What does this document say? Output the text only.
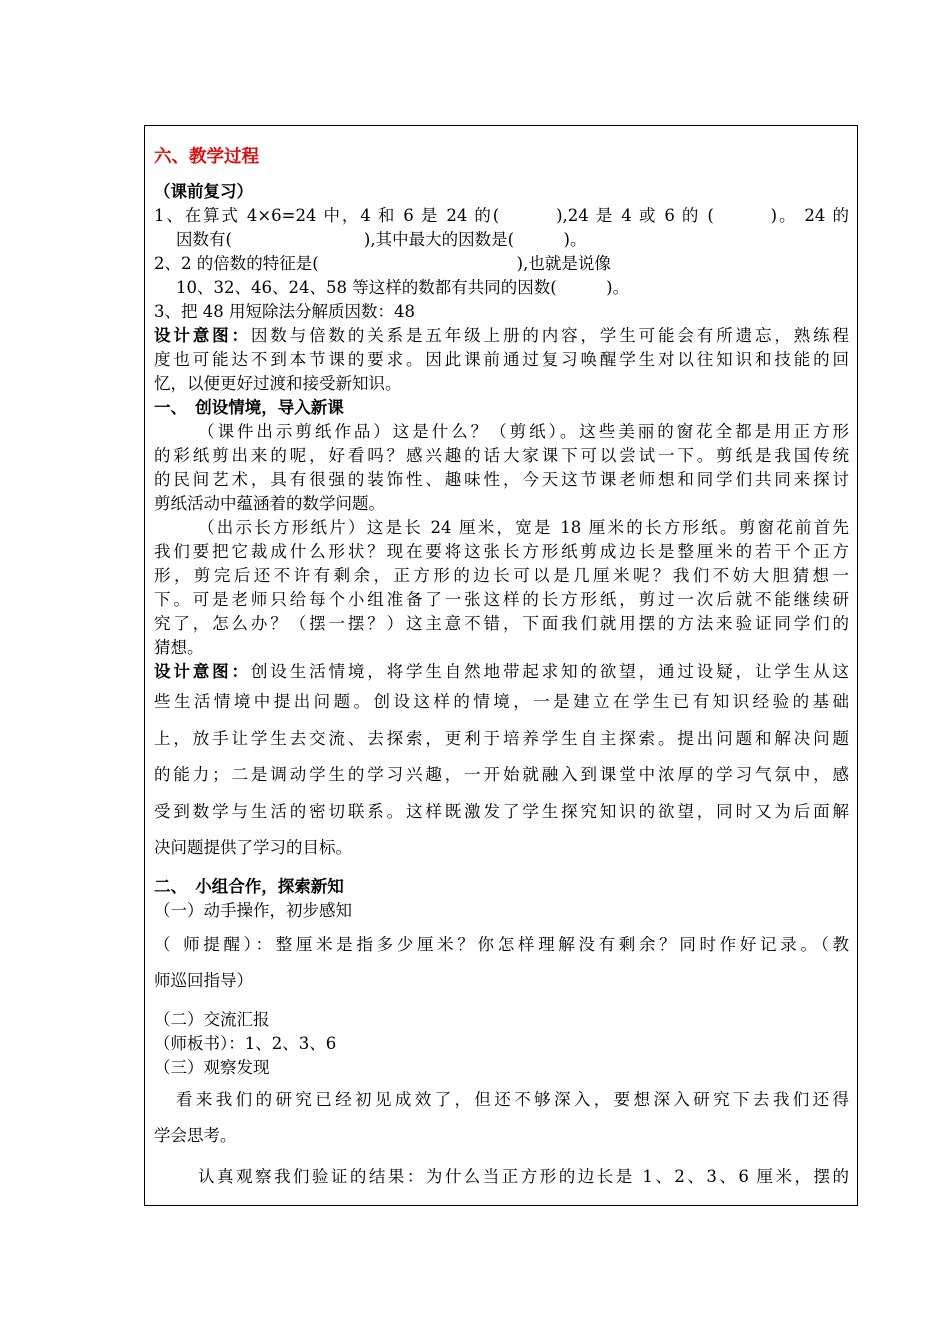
六、教学过程
（课前复习）
1、在算式 4×6=24 中，4 和 6 是 24 的(　　　),24 是 4 或 6 的 (　　　)。 24 的
因数有(　　　　　　　　),其中最大的因数是(　　　)。
2、2 的倍数的特征是(　　　　　　　　　　　　),也就是说像
10、32、46、24、58 等这样的数都有共同的因数(　　　)。
3、把 48 用短除法分解质因数：48
设计意图：因数与倍数的关系是五年级上册的内容，学生可能会有所遗忘，熟练程
度也可能达不到本节课的要求。因此课前通过复习唤醒学生对以往知识和技能的回
忆，以便更好过渡和接受新知识。
一、　创设情境，导入新课
（课件出示剪纸作品）这是什么？（剪纸）。这些美丽的窗花全都是用正方形
的彩纸剪出来的呢，好看吗？感兴趣的话大家课下可以尝试一下。剪纸是我国传统
的民间艺术，具有很强的装饰性、趣味性，今天这节课老师想和同学们共同来探讨
剪纸活动中蕴涵着的数学问题。
（出示长方形纸片）这是长 24 厘米，宽是 18 厘米的长方形纸。剪窗花前首先
我们要把它裁成什么形状？现在要将这张长方形纸剪成边长是整厘米的若干个正方
形，剪完后还不许有剩余，正方形的边长可以是几厘米呢？我们不妨大胆猜想一
下。可是老师只给每个小组准备了一张这样的长方形纸，剪过一次后就不能继续研
究了，怎么办？（摆一摆？）这主意不错，下面我们就用摆的方法来验证同学们的
猜想。
设计意图：创设生活情境，将学生自然地带起求知的欲望，通过设疑，让学生从这
些生活情境中提出问题。创设这样的情境，一是建立在学生已有知识经验的基础
上，放手让学生去交流、去探索，更利于培养学生自主探索。提出问题和解决问题
的能力；二是调动学生的学习兴趣，一开始就融入到课堂中浓厚的学习气氛中，感
受到数学与生活的密切联系。这样既激发了学生探究知识的欲望，同时又为后面解
决问题提供了学习的目标。
二、　小组合作，探索新知
（一）动手操作，初步感知
（ 师提醒）：整厘米是指多少厘米？你怎样理解没有剩余？同时作好记录。（教
师巡回指导）
（二）交流汇报
（师板书）：1、2、3、6
（三）观察发现
看来我们的研究已经初见成效了，但还不够深入，要想深入研究下去我们还得
学会思考。
认真观察我们验证的结果：为什么当正方形的边长是 1、2、3、6 厘米，摆的
